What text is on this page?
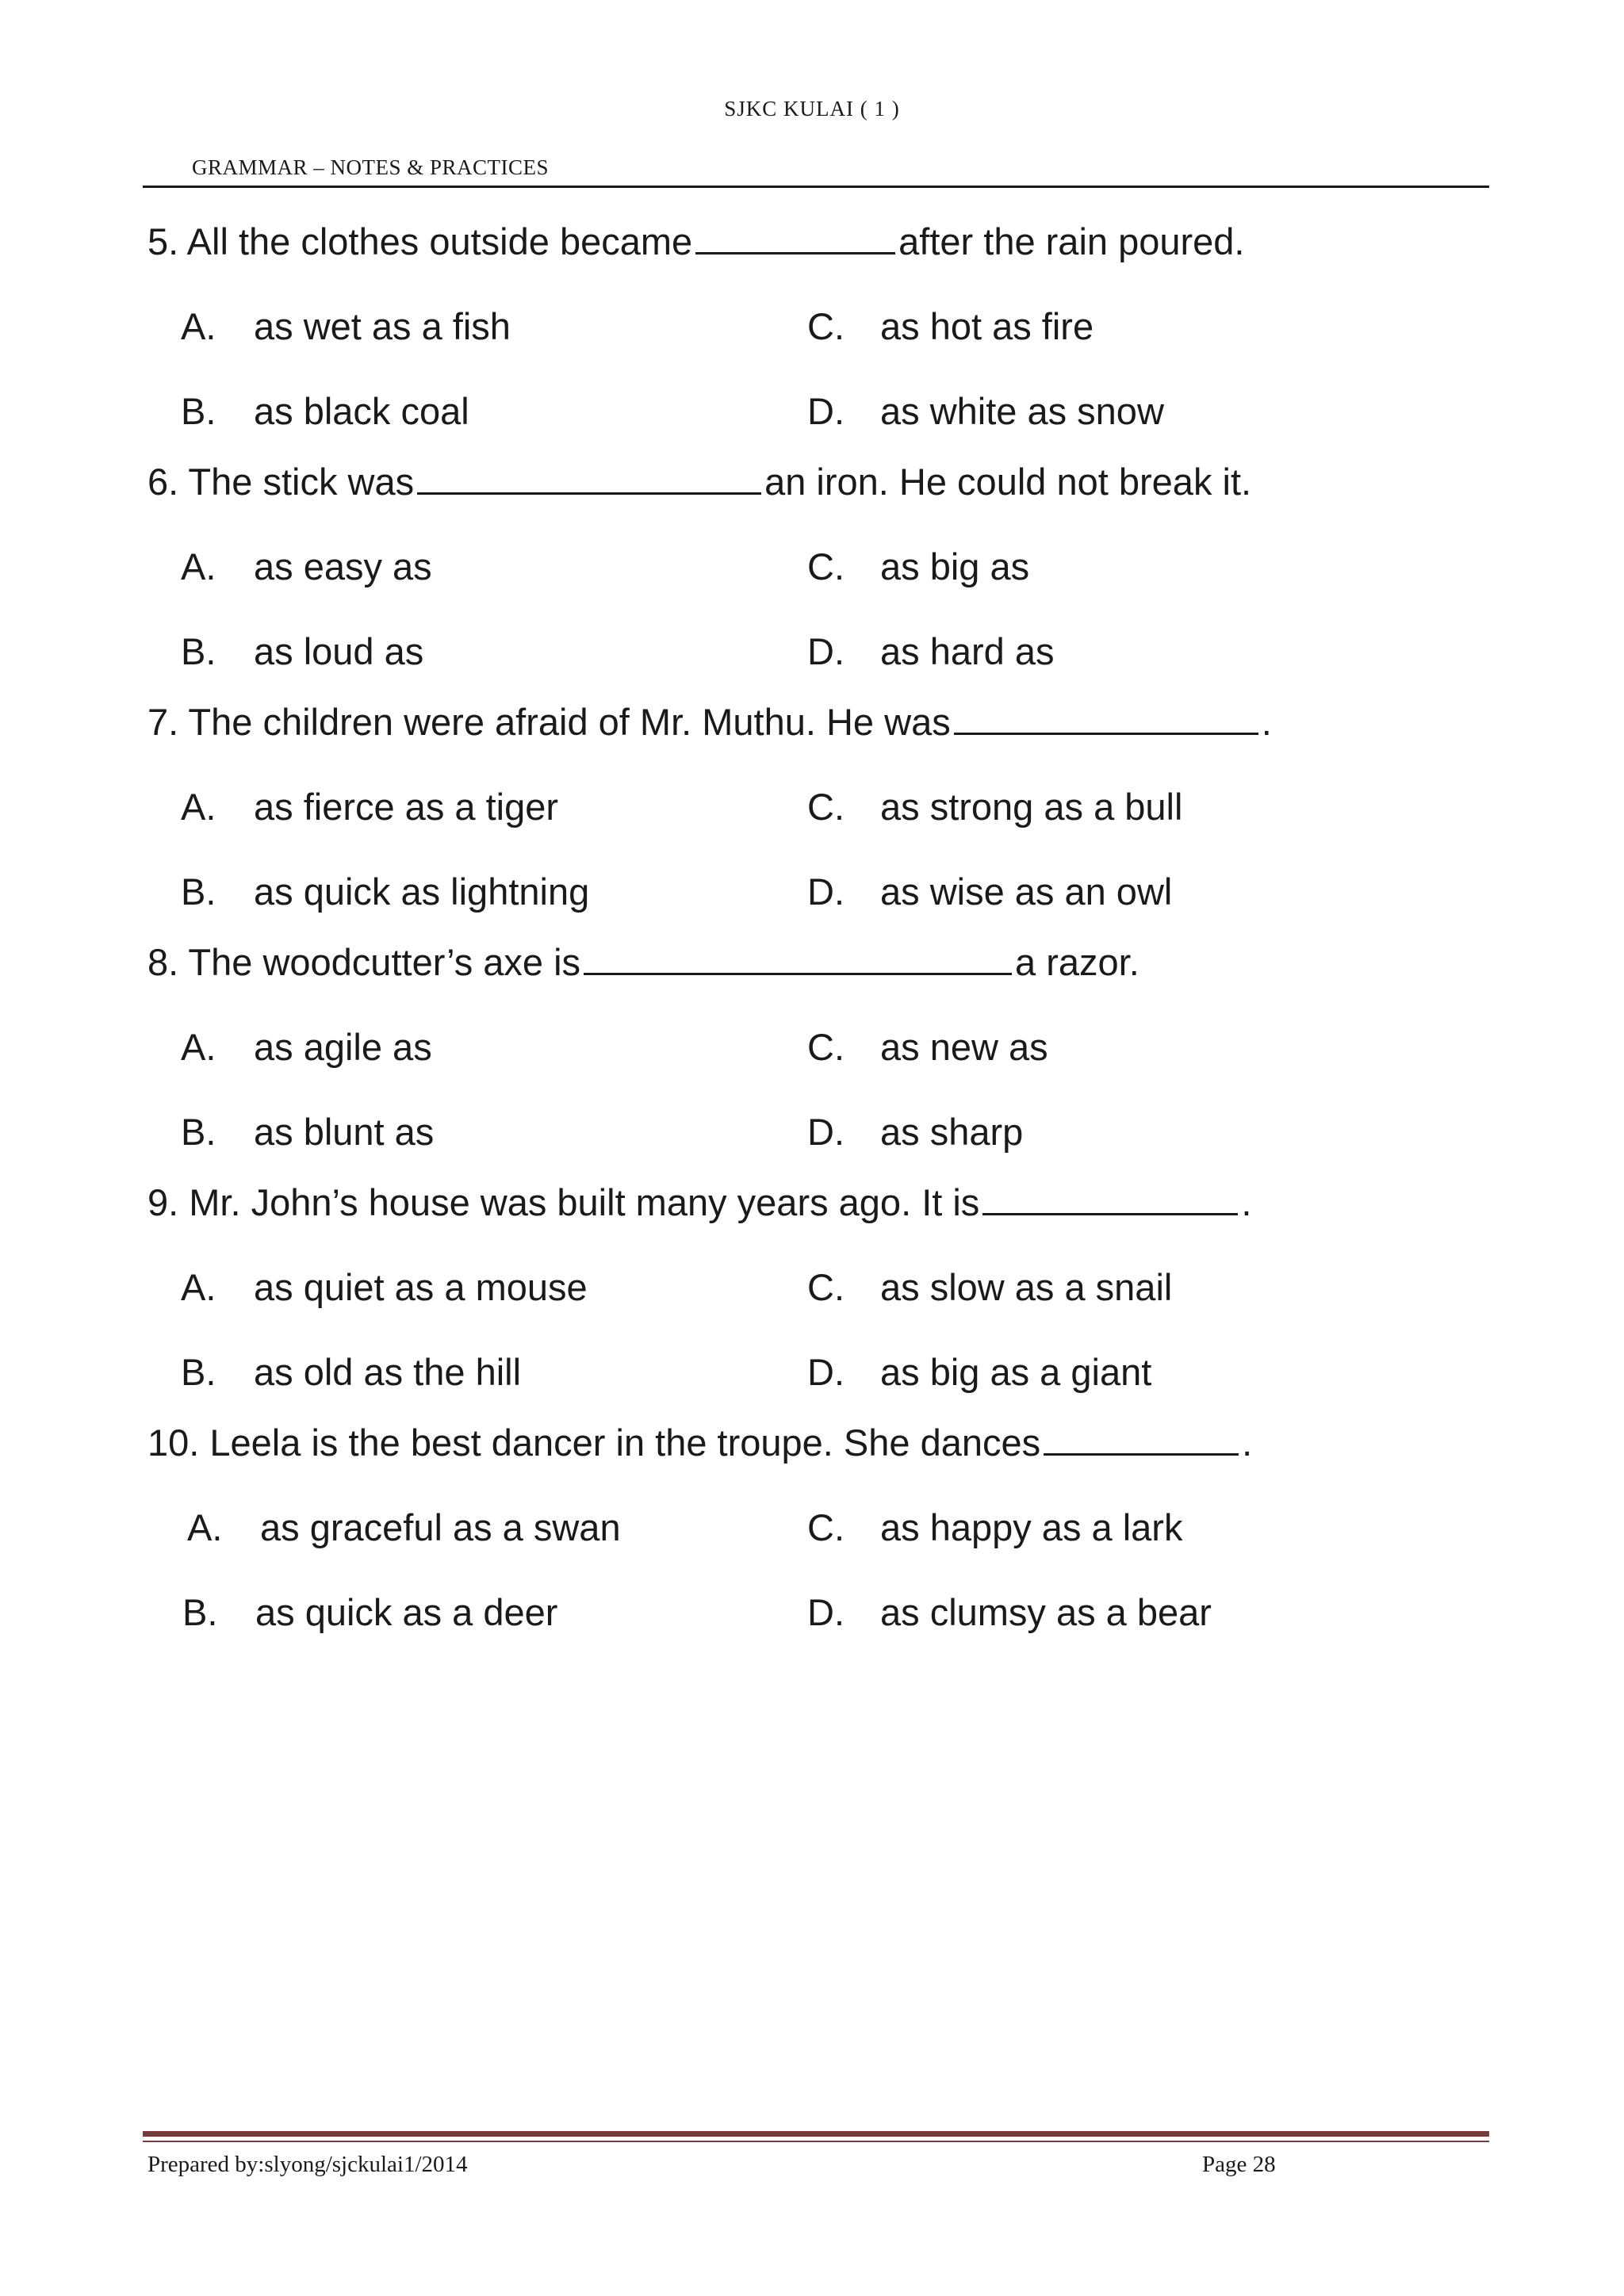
SJKC KULAI ( 1 )
GRAMMAR – NOTES & PRACTICES
5. All the clothes outside became	after the rain poured.
A.	as wet as a fish	C. as hot as fire
B.	as black coal	D. as white as snow
6. The stick was	an iron. He could not break it.
A.	as easy as	C. as big as
B.	as loud as	D. as hard as
7. The children were afraid of Mr. Muthu. He was	.
A.	as fierce as a tiger	C. as strong as a bull
B.	as quick as lightning	D. as wise as an owl
8. The woodcutter’s axe is	a razor.
A.	as agile as	C. as new as
B.	as blunt as	D. as sharp
9. Mr. John’s house was built many years ago. It is	.
A.	as quiet as a mouse	C. as slow as a snail
B.	as old as the hill	D. as big as a giant
10. Leela is the best dancer in the troupe. She dances	.
A.	as graceful as a swan	C. as happy as a lark
B.	as quick as a deer	D. as clumsy as a bear
Prepared by:slyong/sjckulai1/2014	Page 28
